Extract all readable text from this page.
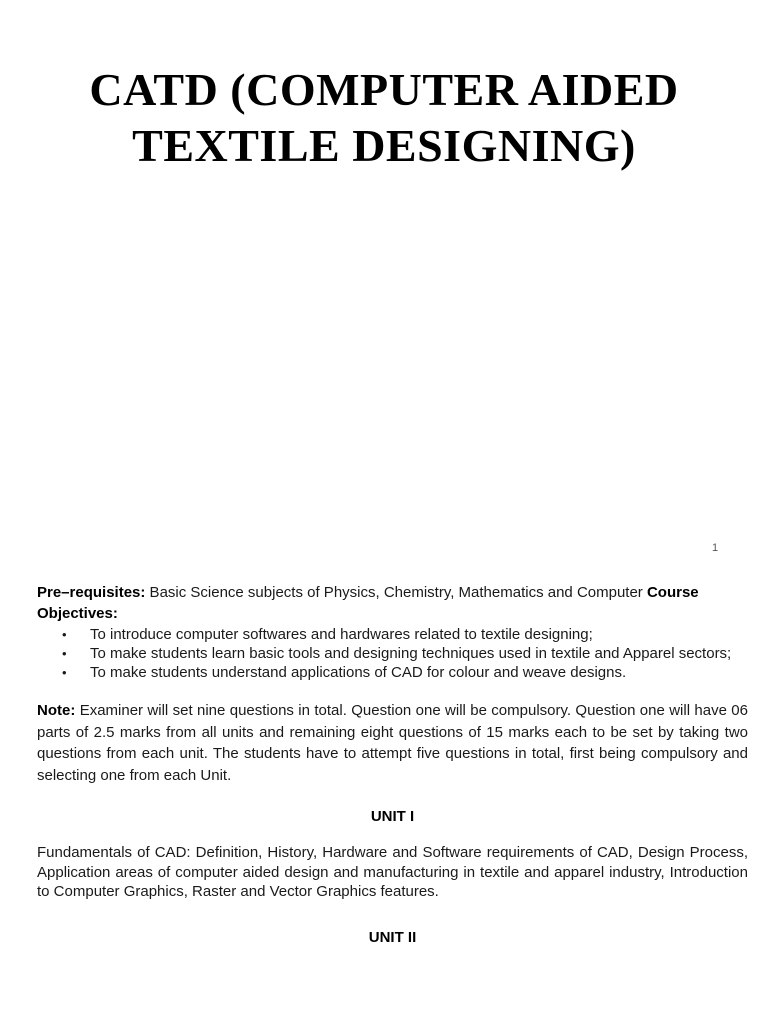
CATD (COMPUTER AIDED
TEXTILE DESIGNING)
1

Pre–requisites: Basic Science subjects of Physics, Chemistry, Mathematics and Computer Course Objectives:

• To introduce computer softwares and hardwares related to textile designing;
• To make students learn basic tools and designing techniques used in textile and Apparel sectors;
• To make students understand applications of CAD for colour and weave designs.

Note: Examiner will set nine questions in total. Question one will be compulsory. Question one will have 06 parts of 2.5 marks from all units and remaining eight questions of 15 marks each to be set by taking two questions from each unit. The students have to attempt five questions in total, first being compulsory and selecting one from each Unit.

UNIT I

Fundamentals of CAD: Definition, History, Hardware and Software requirements of CAD, Design Process, Application areas of computer aided design and manufacturing in textile and apparel industry, Introduction to Computer Graphics, Raster and Vector Graphics features.

UNIT II
